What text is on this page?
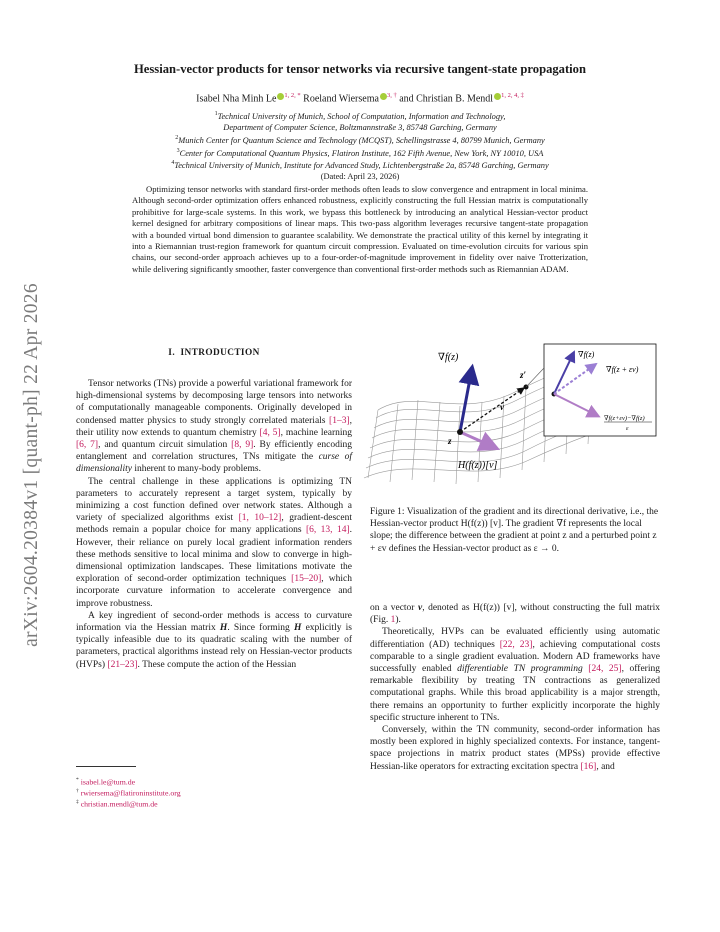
arXiv:2604.20384v1 [quant-ph] 22 Apr 2026
Hessian-vector products for tensor networks via recursive tangent-state propagation
Isabel Nha Minh Le $^{1, 2, *}$ Roeland Wiersema $^{3, \dagger}$ and Christian B. Mendl $^{1, 2, 4, \ddagger}$
$^1$Technical University of Munich, School of Computation, Information and Technology,
Department of Computer Science, Boltzmannstraße 3, 85748 Garching, Germany
$^2$Munich Center for Quantum Science and Technology (MCQST), Schellingstrasse 4, 80799 Munich, Germany
$^3$Center for Computational Quantum Physics, Flatiron Institute, 162 Fifth Avenue, New York, NY 10010, USA
$^4$Technical University of Munich, Institute for Advanced Study, Lichtenbergstraße 2a, 85748 Garching, Germany
(Dated: April 23, 2026)
Optimizing tensor networks with standard first-order methods often leads to slow convergence and entrapment in local minima. Although second-order optimization offers enhanced robustness, explicitly constructing the full Hessian matrix is computationally prohibitive for large-scale systems. In this work, we bypass this bottleneck by introducing an analytical Hessian-vector product kernel designed for arbitrary compositions of linear maps. This two-pass algorithm leverages recursive tangent-state propagation with a bounded virtual bond dimension to guarantee scalability. We demonstrate the practical utility of this kernel by integrating it into a Riemannian trust-region framework for quantum circuit compression. Evaluated on time-evolution circuits for various spin chains, our second-order approach achieves up to a four-order-of-magnitude improvement in fidelity over naive Trotterization, while delivering significantly smoother, faster convergence than conventional first-order methods such as Riemannian ADAM.
I. INTRODUCTION

Tensor networks (TNs) provide a powerful variational framework for high-dimensional systems by decomposing large tensors into networks of computationally manageable components. Originally developed in condensed matter physics to study strongly correlated materials [1–3], their utility now extends to quantum chemistry [4, 5], machine learning [6, 7], and quantum circuit simulation [8, 9]. By efficiently encoding entanglement and correlation structures, TNs mitigate the curse of dimensionality inherent to many-body problems.

The central challenge in these applications is optimizing TN parameters to accurately represent a target system, typically by minimizing a cost function defined over network states. Although a variety of specialized algorithms exist [1, 10–12], gradient-descent methods remain a popular choice for many applications [6, 13, 14]. However, their reliance on purely local gradient information renders these methods sensitive to local minima and slow to converge in high-dimensional optimization landscapes. These limitations motivate the exploration of second-order optimization techniques [15–20], which incorporate curvature information to accelerate convergence and improve robustness.

A key ingredient of second-order methods is access to curvature information via the Hessian matrix H. Since forming H explicitly is typically infeasible due to its quadratic scaling with the number of parameters, practical algorithms instead rely on Hessian-vector products (HVPs) [21–23]. These compute the action of the Hessian

* isabel.le@tum.de
† rwiersema@flatironinstitute.org
‡ christian.mendl@tum.de
∇f(z)
z
z′
v
H(f(z))[v]
∇f(z)
∇f(z + εv)
∇f(z+εv)−∇f(z)
ε
Figure 1: Visualization of the gradient and its directional derivative, i.e., the Hessian-vector product H(f(z)) [v]. The gradient ∇f represents the local slope; the difference between the gradient at point z and a perturbed point z + εv defines the Hessian-vector product as ε → 0.

on a vector v, denoted as H(f(z)) [v], without constructing the full matrix (Fig. 1).

Theoretically, HVPs can be evaluated efficiently using automatic differentiation (AD) techniques [22, 23], achieving computational costs comparable to a single gradient evaluation. Modern AD frameworks have successfully enabled differentiable TN programming [24, 25], offering remarkable flexibility by treating TN contractions as generalized computational graphs. While this broad applicability is a major strength, there remains an opportunity to further explicitly incorporate the highly specific structure inherent to TNs.

Conversely, within the TN community, second-order information has mostly been explored in highly specialized contexts. For instance, tangent-space projections in matrix product states (MPSs) provide effective Hessian-like operators for extracting excitation spectra [16], and
